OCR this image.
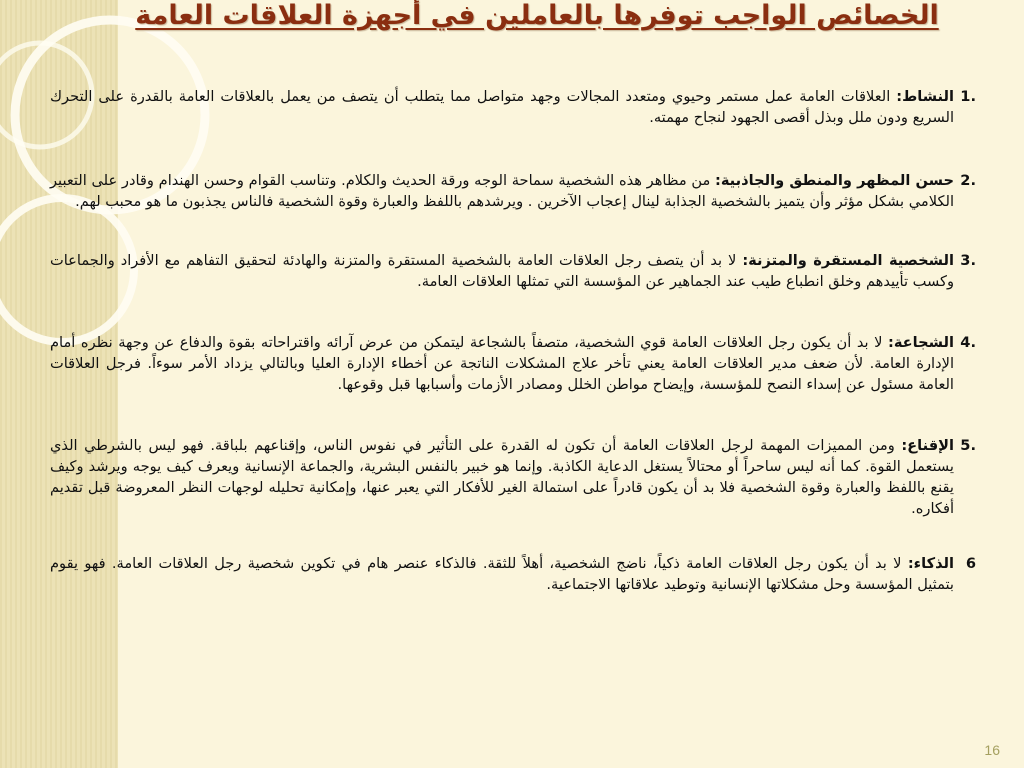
الخصائص الواجب توفرها بالعاملين في أجهزة العلاقات العامة
.1
النشاط: العلاقات العامة عمل مستمر وحيوي ومتعدد المجالات وجهد متواصل مما يتطلب أن يتصف من يعمل بالعلاقات العامة بالقدرة على التحرك السريع ودون ملل وبذل أقصى الجهود لنجاح مهمته.
.2
حسن المظهر والمنطق والجاذبية: من مظاهر هذه الشخصية سماحة الوجه ورقة الحديث والكلام. وتناسب القوام وحسن الهندام وقادر على التعبير الكلامي بشكل مؤثر وأن يتميز بالشخصية الجذابة لينال إعجاب الآخرين . ويرشدهم باللفظ والعبارة وقوة الشخصية فالناس يجذبون ما هو محبب لهم.
.3
الشخصية المستقرة والمتزنة: لا بد أن يتصف رجل العلاقات العامة بالشخصية المستقرة والمتزنة والهادئة لتحقيق التفاهم مع الأفراد والجماعات وكسب تأييدهم وخلق انطباع طيب عند الجماهير عن المؤسسة التي تمثلها العلاقات العامة.
.4
الشجاعة: لا بد أن يكون رجل العلاقات العامة قوي الشخصية، متصفاً بالشجاعة ليتمكن من عرض آرائه واقتراحاته بقوة والدفاع عن وجهة نظره أمام الإدارة العامة. لأن ضعف مدير العلاقات العامة يعني تأخر علاج المشكلات الناتجة عن أخطاء الإدارة العليا وبالتالي يزداد الأمر سوءاً. فرجل العلاقات العامة مسئول عن إسداء النصح للمؤسسة، وإيضاح مواطن الخلل ومصادر الأزمات وأسبابها قبل وقوعها.
.5
الإقناع: ومن المميزات المهمة لرجل العلاقات العامة أن تكون له القدرة على التأثير في نفوس الناس، وإقناعهم بلباقة. فهو ليس بالشرطي الذي يستعمل القوة. كما أنه ليس ساحراً أو محتالاً يستغل الدعاية الكاذبة. وإنما هو خبير بالنفس البشرية، والجماعة الإنسانية ويعرف كيف يوجه ويرشد وكيف يقنع باللفظ والعبارة وقوة الشخصية فلا بد أن يكون قادراً على استمالة الغير للأفكار التي يعبر عنها، وإمكانية تحليله لوجهات النظر المعروضة قبل تقديم أفكاره.
6
الذكاء: لا بد أن يكون رجل العلاقات العامة ذكياً، ناضج الشخصية، أهلاً للثقة. فالذكاء عنصر هام في تكوين شخصية رجل العلاقات العامة. فهو يقوم بتمثيل المؤسسة وحل مشكلاتها الإنسانية وتوطيد علاقاتها الاجتماعية.
16
